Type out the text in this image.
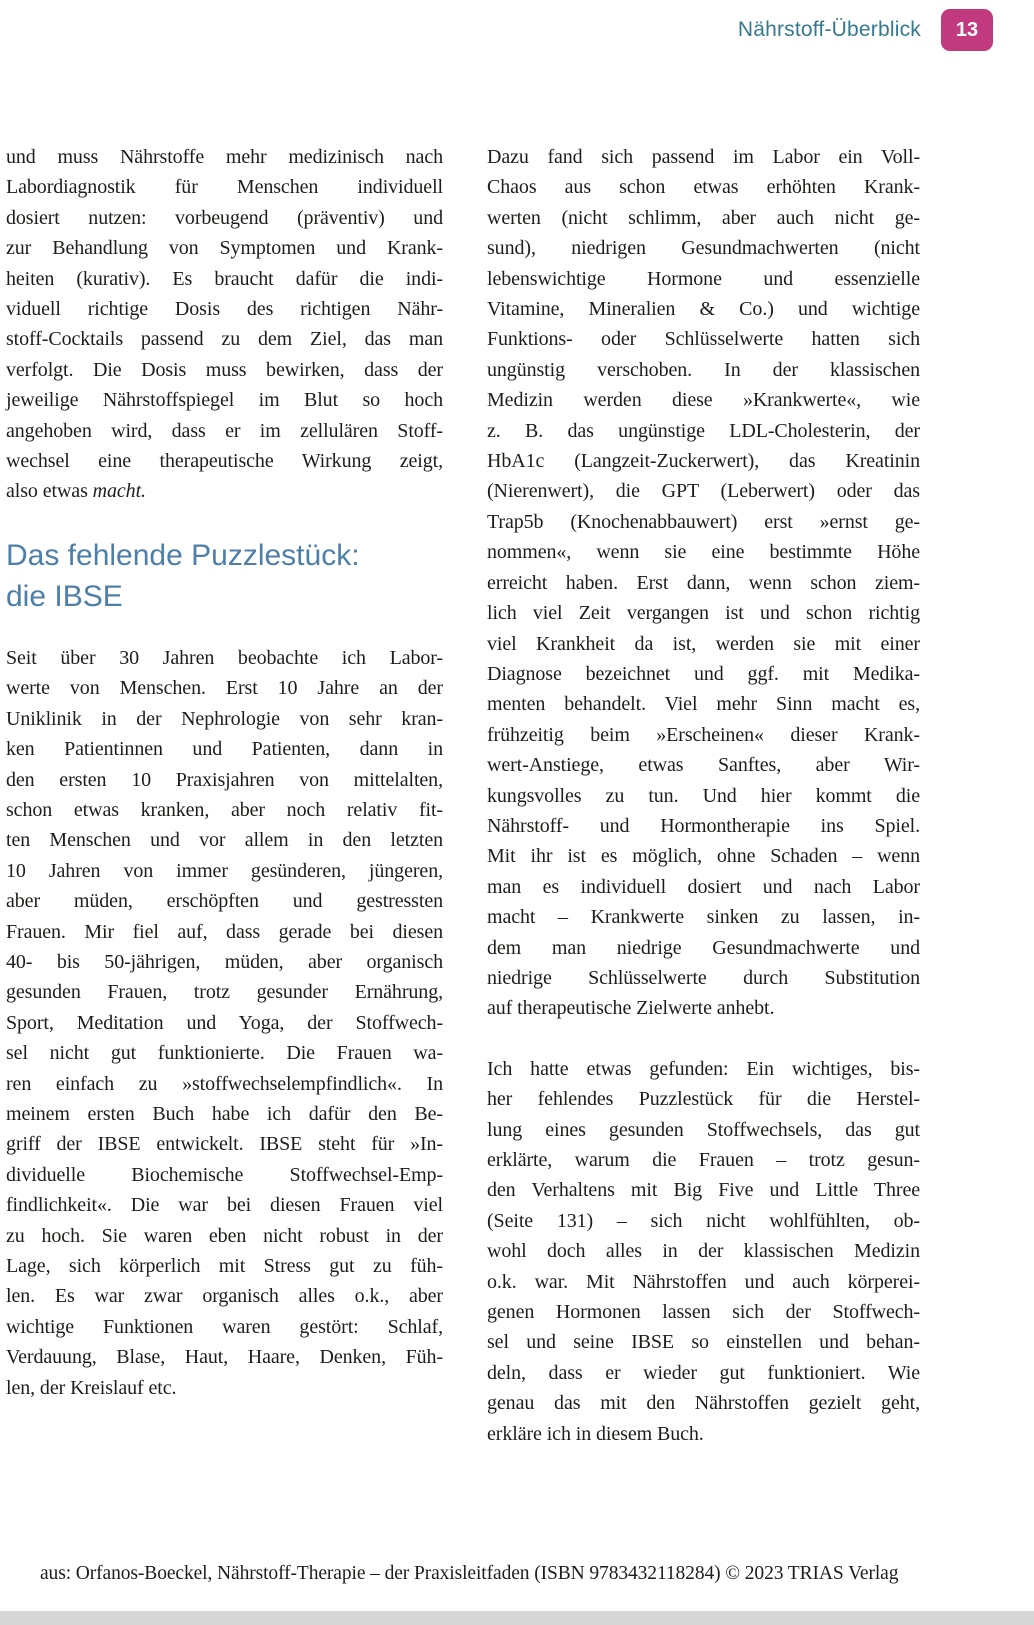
Nährstoff-Überblick 13
und muss Nährstoffe mehr medizinisch nach
Labordiagnostik für Menschen individuell
dosiert nutzen: vorbeugend (präventiv) und
zur Behandlung von Symptomen und Krank-
heiten (kurativ). Es braucht dafür die indi-
viduell richtige Dosis des richtigen Nähr-
stoff-Cocktails passend zu dem Ziel, das man
verfolgt. Die Dosis muss bewirken, dass der
jeweilige Nährstoffspiegel im Blut so hoch
angehoben wird, dass er im zellulären Stoff-
wechsel eine therapeutische Wirkung zeigt,
also etwas macht.
Das fehlende Puzzlestück:
die IBSE
Seit über 30 Jahren beobachte ich Labor-
werte von Menschen. Erst 10 Jahre an der
Uniklinik in der Nephrologie von sehr kran-
ken Patientinnen und Patienten, dann in
den ersten 10 Praxisjahren von mittelalten,
schon etwas kranken, aber noch relativ fit-
ten Menschen und vor allem in den letzten
10 Jahren von immer gesünderen, jüngeren,
aber müden, erschöpften und gestressten
Frauen. Mir fiel auf, dass gerade bei diesen
40- bis 50-jährigen, müden, aber organisch
gesunden Frauen, trotz gesunder Ernährung,
Sport, Meditation und Yoga, der Stoffwech-
sel nicht gut funktionierte. Die Frauen wa-
ren einfach zu »stoffwechselempfindlich«. In
meinem ersten Buch habe ich dafür den Be-
griff der IBSE entwickelt. IBSE steht für »In-
dividuelle Biochemische Stoffwechsel-Emp-
findlichkeit«. Die war bei diesen Frauen viel
zu hoch. Sie waren eben nicht robust in der
Lage, sich körperlich mit Stress gut zu füh-
len. Es war zwar organisch alles o.k., aber
wichtige Funktionen waren gestört: Schlaf,
Verdauung, Blase, Haut, Haare, Denken, Füh-
len, der Kreislauf etc.
Dazu fand sich passend im Labor ein Voll-
Chaos aus schon etwas erhöhten Krank-
werten (nicht schlimm, aber auch nicht ge-
sund), niedrigen Gesundmachwerten (nicht
lebenswichtige Hormone und essenzielle
Vitamine, Mineralien & Co.) und wichtige
Funktions- oder Schlüsselwerte hatten sich
ungünstig verschoben. In der klassischen
Medizin werden diese »Krankwerte«, wie
z. B. das ungünstige LDL-Cholesterin, der
HbA1c (Langzeit-Zuckerwert), das Kreatinin
(Nierenwert), die GPT (Leberwert) oder das
Trap5b (Knochenabbauwert) erst »ernst ge-
nommen«, wenn sie eine bestimmte Höhe
erreicht haben. Erst dann, wenn schon ziem-
lich viel Zeit vergangen ist und schon richtig
viel Krankheit da ist, werden sie mit einer
Diagnose bezeichnet und ggf. mit Medika-
menten behandelt. Viel mehr Sinn macht es,
frühzeitig beim »Erscheinen« dieser Krank-
wert-Anstiege, etwas Sanftes, aber Wir-
kungsvolles zu tun. Und hier kommt die
Nährstoff- und Hormontherapie ins Spiel.
Mit ihr ist es möglich, ohne Schaden – wenn
man es individuell dosiert und nach Labor
macht – Krankwerte sinken zu lassen, in-
dem man niedrige Gesundmachwerte und
niedrige Schlüsselwerte durch Substitution
auf therapeutische Zielwerte anhebt.
Ich hatte etwas gefunden: Ein wichtiges, bis-
her fehlendes Puzzlestück für die Herstel-
lung eines gesunden Stoffwechsels, das gut
erklärte, warum die Frauen – trotz gesun-
den Verhaltens mit Big Five und Little Three
(Seite 131) – sich nicht wohlfühlten, ob-
wohl doch alles in der klassischen Medizin
o.k. war. Mit Nährstoffen und auch körperei-
genen Hormonen lassen sich der Stoffwech-
sel und seine IBSE so einstellen und behan-
deln, dass er wieder gut funktioniert. Wie
genau das mit den Nährstoffen gezielt geht,
erkläre ich in diesem Buch.
aus: Orfanos-Boeckel, Nährstoff-Therapie – der Praxisleitfaden (ISBN 9783432118284) © 2023 TRIAS Verlag
